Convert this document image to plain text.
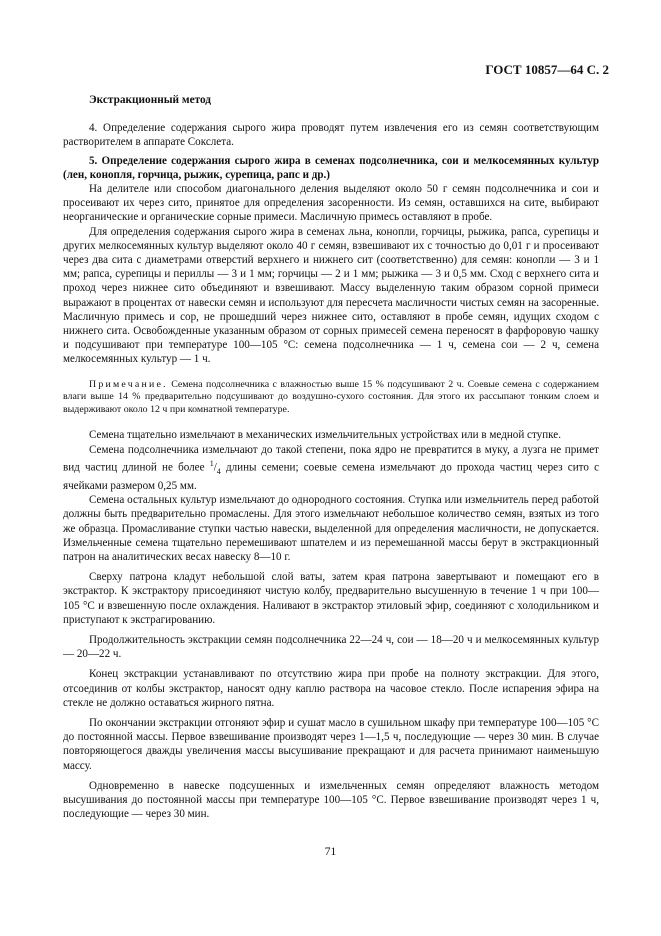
ГОСТ 10857—64 С. 2
Экстракционный метод

4. Определение содержания сырого жира проводят путем извлечения его из семян соответствующим растворителем в аппарате Сокслета.

5. Определение содержания сырого жира в семенах подсолнечника, сои и мелкосемянных культур (лен, конопля, горчица, рыжик, сурепица, рапс и др.)

На делителе или способом диагонального деления выделяют около 50 г семян подсолнечника и сои и просеивают их через сито, принятое для определения засоренности. Из семян, оставшихся на сите, выбирают неорганические и органические сорные примеси. Масличную примесь оставляют в пробе.

Для определения содержания сырого жира в семенах льна, конопли, горчицы, рыжика, рапса, сурепицы и других мелкосемянных культур выделяют около 40 г семян, взвешивают их с точностью до 0,01 г и просеивают через два сита с диаметрами отверстий верхнего и нижнего сит (соответственно) для семян: конопли — 3 и 1 мм; рапса, сурепицы и периллы — 3 и 1 мм; горчицы — 2 и 1 мм; рыжика — 3 и 0,5 мм. Сход с верхнего сита и проход через нижнее сито объединяют и взвешивают. Массу выделенную таким образом сорной примеси выражают в процентах от навески семян и используют для пересчета масличности чистых семян на засоренные. Масличную примесь и сор, не прошедший через нижнее сито, оставляют в пробе семян, идущих сходом с нижнего сита. Освобожденные указанным образом от сорных примесей семена переносят в фарфоровую чашку и подсушивают при температуре 100—105 °С: семена подсолнечника — 1 ч, семена сои — 2 ч, семена мелкосемянных культур — 1 ч.

Примечание. Семена подсолнечника с влажностью выше 15 % подсушивают 2 ч. Соевые семена с содержанием влаги выше 14 % предварительно подсушивают до воздушно-сухого состояния. Для этого их рассыпают тонким слоем и выдерживают около 12 ч при комнатной температуре.

Семена тщательно измельчают в механических измельчительных устройствах или в медной ступке.

Семена подсолнечника измельчают до такой степени, пока ядро не превратится в муку, а лузга не примет вид частиц длиной не более $^1/_4$ длины семени; соевые семена измельчают до прохода частиц через сито с ячейками размером 0,25 мм.

Семена остальных культур измельчают до однородного состояния. Ступка или измельчитель перед работой должны быть предварительно промаслены. Для этого измельчают небольшое количество семян, взятых из того же образца. Промасливание ступки частью навески, выделенной для определения масличности, не допускается. Измельченные семена тщательно перемешивают шпателем и из перемешанной массы берут в экстракционный патрон на аналитических весах навеску 8—10 г.

Сверху патрона кладут небольшой слой ваты, затем края патрона завертывают и помещают его в экстрактор. К экстрактору присоединяют чистую колбу, предварительно высушенную в течение 1 ч при 100—105 °С и взвешенную после охлаждения. Наливают в экстрактор этиловый эфир, соединяют с холодильником и приступают к экстрагированию.

Продолжительность экстракции семян подсолнечника 22—24 ч, сои — 18—20 ч и мелкосемянных культур — 20—22 ч.

Конец экстракции устанавливают по отсутствию жира при пробе на полноту экстракции. Для этого, отсоединив от колбы экстрактор, наносят одну каплю раствора на часовое стекло. После испарения эфира на стекле не должно оставаться жирного пятна.

По окончании экстракции отгоняют эфир и сушат масло в сушильном шкафу при температуре 100—105 °С до постоянной массы. Первое взвешивание производят через 1—1,5 ч, последующие — через 30 мин. В случае повторяющегося дважды увеличения массы высушивание прекращают и для расчета принимают наименьшую массу.

Одновременно в навеске подсушенных и измельченных семян определяют влажность методом высушивания до постоянной массы при температуре 100—105 °С. Первое взвешивание производят через 1 ч, последующие — через 30 мин.

71
